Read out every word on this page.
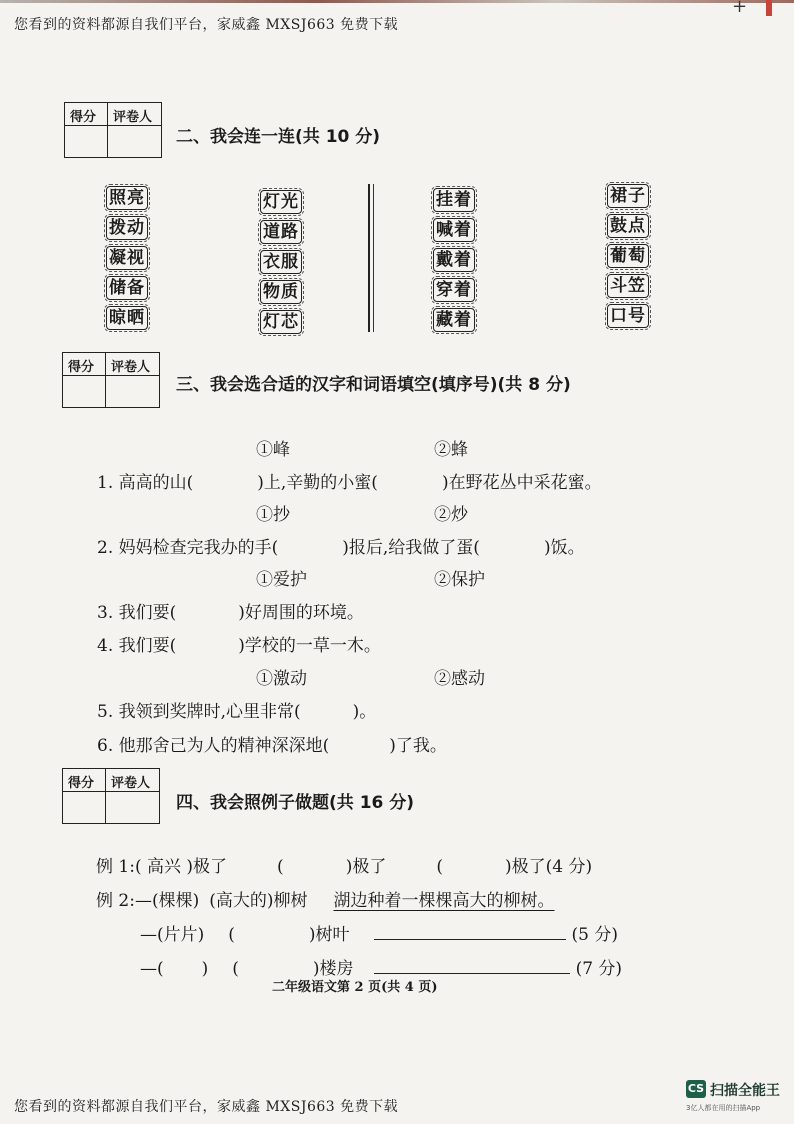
+
您看到的资料都源自我们平台，家威鑫 MXSJ663 免费下载
得分 评卷人
二、我会连一连(共 10 分)
照亮
拨动
凝视
储备
晾晒
灯光
道路
衣服
物质
灯芯
挂着
喊着
戴着
穿着
藏着
裙子
鼓点
葡萄
斗笠
口号
得分 评卷人
三、我会选合适的汉字和词语填空(填序号)(共 8 分)
①峰	②蜂
1. 高高的山(	)上,辛勤的小蜜(	)在野花丛中采花蜜。
①抄	②炒
2. 妈妈检查完我办的手(	)报后,给我做了蛋(	)饭。
①爱护	②保护
3. 我们要(	)好周围的环境。
4. 我们要(	)学校的一草一木。
①激动	②感动
5. 我领到奖牌时,心里非常(	)。
6. 他那舍己为人的精神深深地(	)了我。
得分 评卷人
四、我会照例子做题(共 16 分)
例 1:( 高兴 )极了	(	)极了	(	)极了(4 分)
例 2:—(棵棵) (高大的)柳树 湖边种着一棵棵高大的柳树。
—(片片) (	)树叶	(5 分)
—( ) (	)楼房	(7 分)
二年级语文第 2 页(共 4 页)
您看到的资料都源自我们平台，家威鑫 MXSJ663 免费下载
CS 扫描全能王
3亿人都在用的扫描App
